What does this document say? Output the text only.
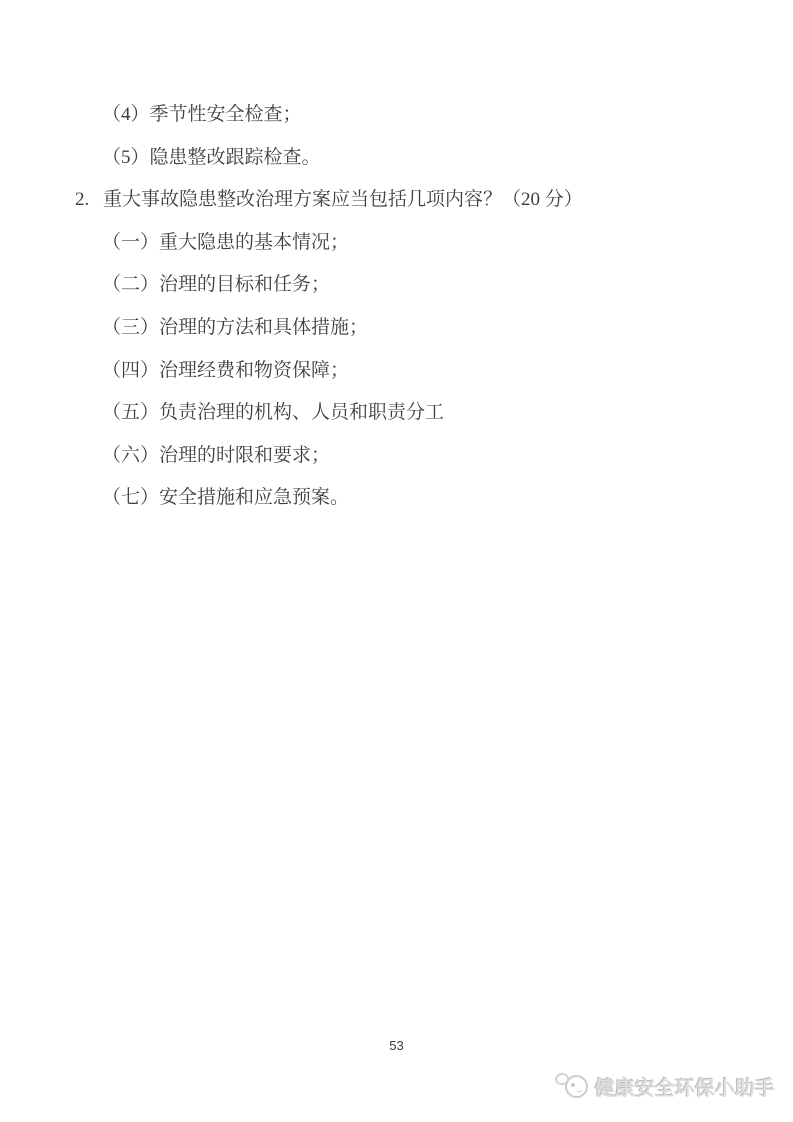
（4）季节性安全检查；

（5）隐患整改跟踪检查。

2. 重大事故隐患整改治理方案应当包括几项内容？（20 分）

（一）重大隐患的基本情况；

（二）治理的目标和任务；

（三）治理的方法和具体措施；

（四）治理经费和物资保障；

（五）负责治理的机构、人员和职责分工

（六）治理的时限和要求；

（七）安全措施和应急预案。

53
健康安全环保小助手
